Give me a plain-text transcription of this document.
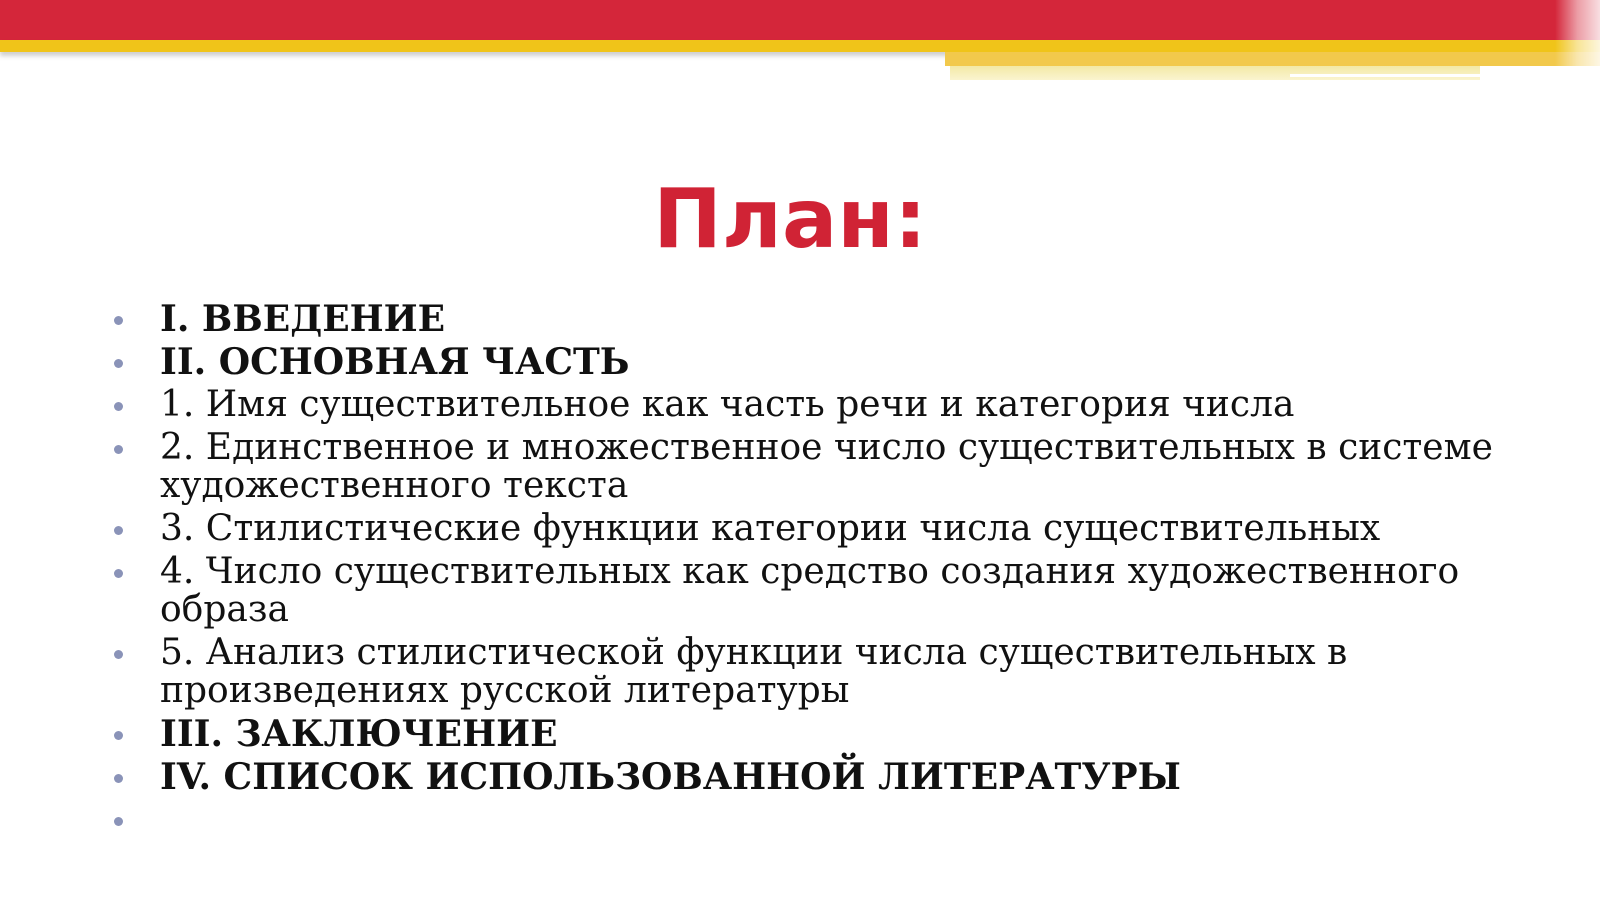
План:
I. ВВЕДЕНИЕ
II. ОСНОВНАЯ ЧАСТЬ
1. Имя существительное как часть речи и категория числа
2. Единственное и множественное число существительных в системе художественного текста
3. Стилистические функции категории числа существительных
4. Число существительных как средство создания художественного образа
5. Анализ стилистической функции числа существительных в произведениях русской литературы
III. ЗАКЛЮЧЕНИЕ
IV. СПИСОК ИСПОЛЬЗОВАННОЙ ЛИТЕРАТУРЫ
